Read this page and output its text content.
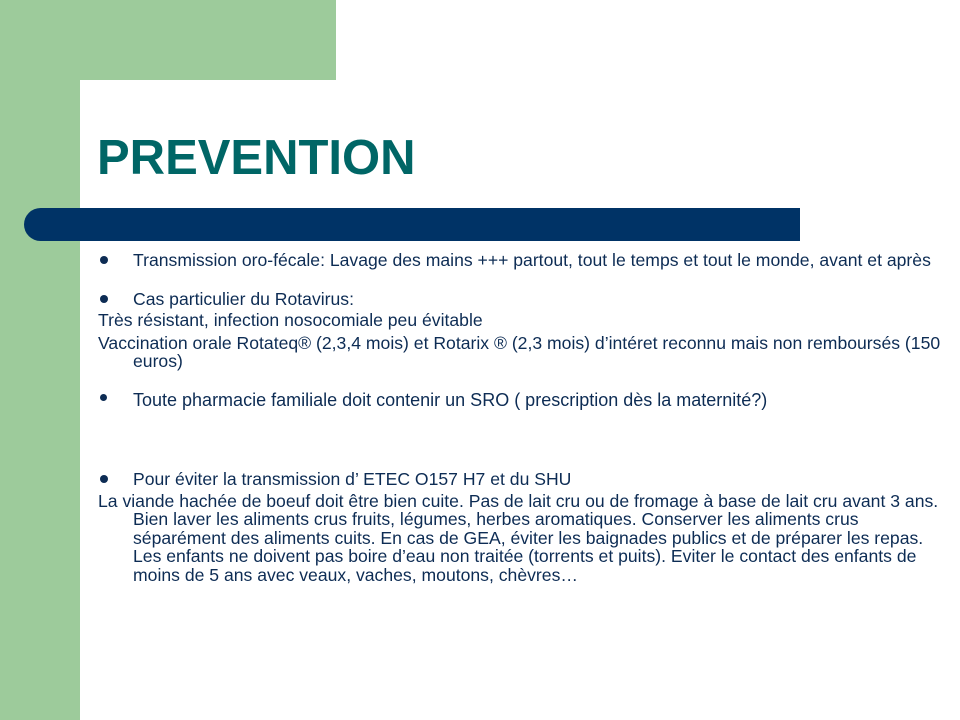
PREVENTION
Transmission oro-fécale: Lavage des mains +++ partout, tout le temps et tout le monde, avant et après
Cas particulier du Rotavirus:
Très résistant, infection nosocomiale peu évitable
Vaccination orale Rotateq® (2,3,4 mois) et Rotarix ® (2,3 mois) d’intéret reconnu mais non remboursés (150 euros)
Toute pharmacie familiale doit contenir un SRO ( prescription dès la maternité?)
Pour éviter la transmission d’ ETEC O157 H7 et du SHU
La viande hachée de boeuf doit être bien cuite. Pas de lait cru ou de fromage à base de lait cru avant 3 ans. Bien laver les aliments crus fruits, légumes, herbes aromatiques. Conserver les aliments crus séparément des aliments cuits. En cas de GEA, éviter les baignades publics et de préparer les repas. Les enfants ne doivent pas boire d’eau non traitée (torrents et puits). Eviter le contact des enfants de moins de 5 ans avec veaux, vaches, moutons, chèvres…
